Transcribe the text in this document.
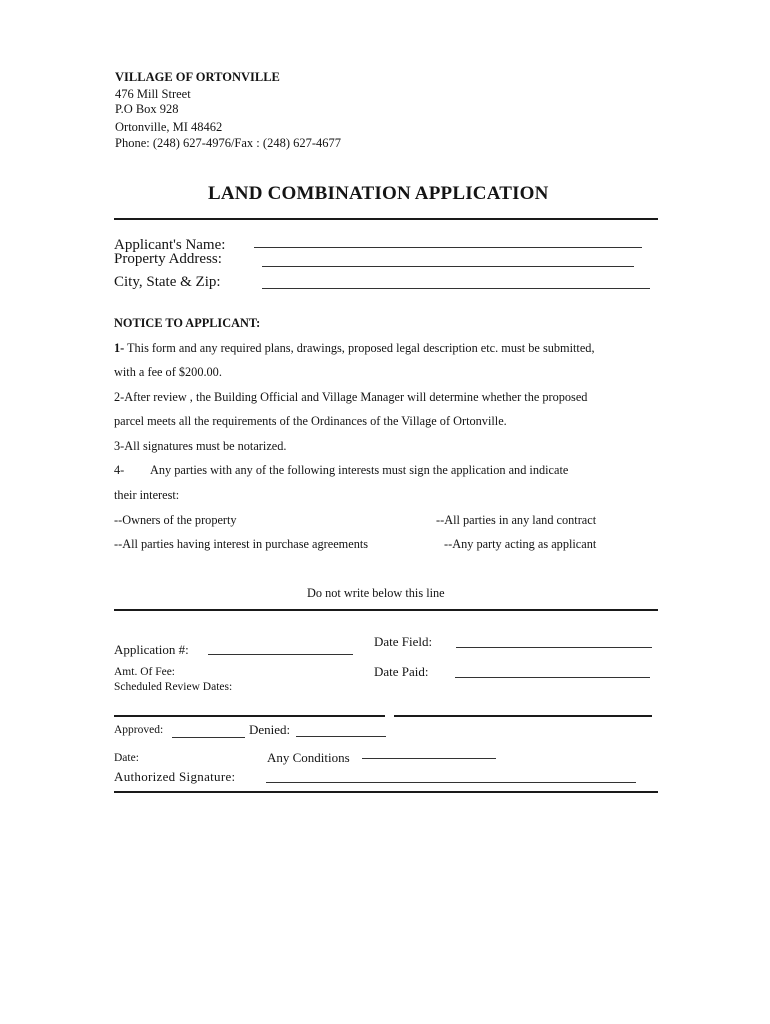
VILLAGE OF ORTONVILLE
476 Mill Street
P.O Box 928
Ortonville, MI 48462
Phone: (248) 627-4976/Fax : (248) 627-4677
LAND COMBINATION APPLICATION
Applicant's Name:
Property Address:
City, State & Zip:
NOTICE TO APPLICANT:
1- This form and any required plans, drawings, proposed legal description etc. must be submitted,
with a fee of $200.00.
2-After review , the Building Official and Village Manager will determine whether the proposed
parcel meets all the requirements of the Ordinances of the Village of Ortonville.
3-All signatures must be notarized.
4- Any parties with any of the following interests must sign the application and indicate
their interest:
--Owners of the property	--All parties in any land contract
--All parties having interest in purchase agreements	--Any party acting as applicant
Do not write below this line
Application #:
Date Field:
Amt. Of Fee:	Date Paid:
Scheduled Review Dates:
Approved:	Denied:
Date:	Any Conditions
Authorized Signature:
